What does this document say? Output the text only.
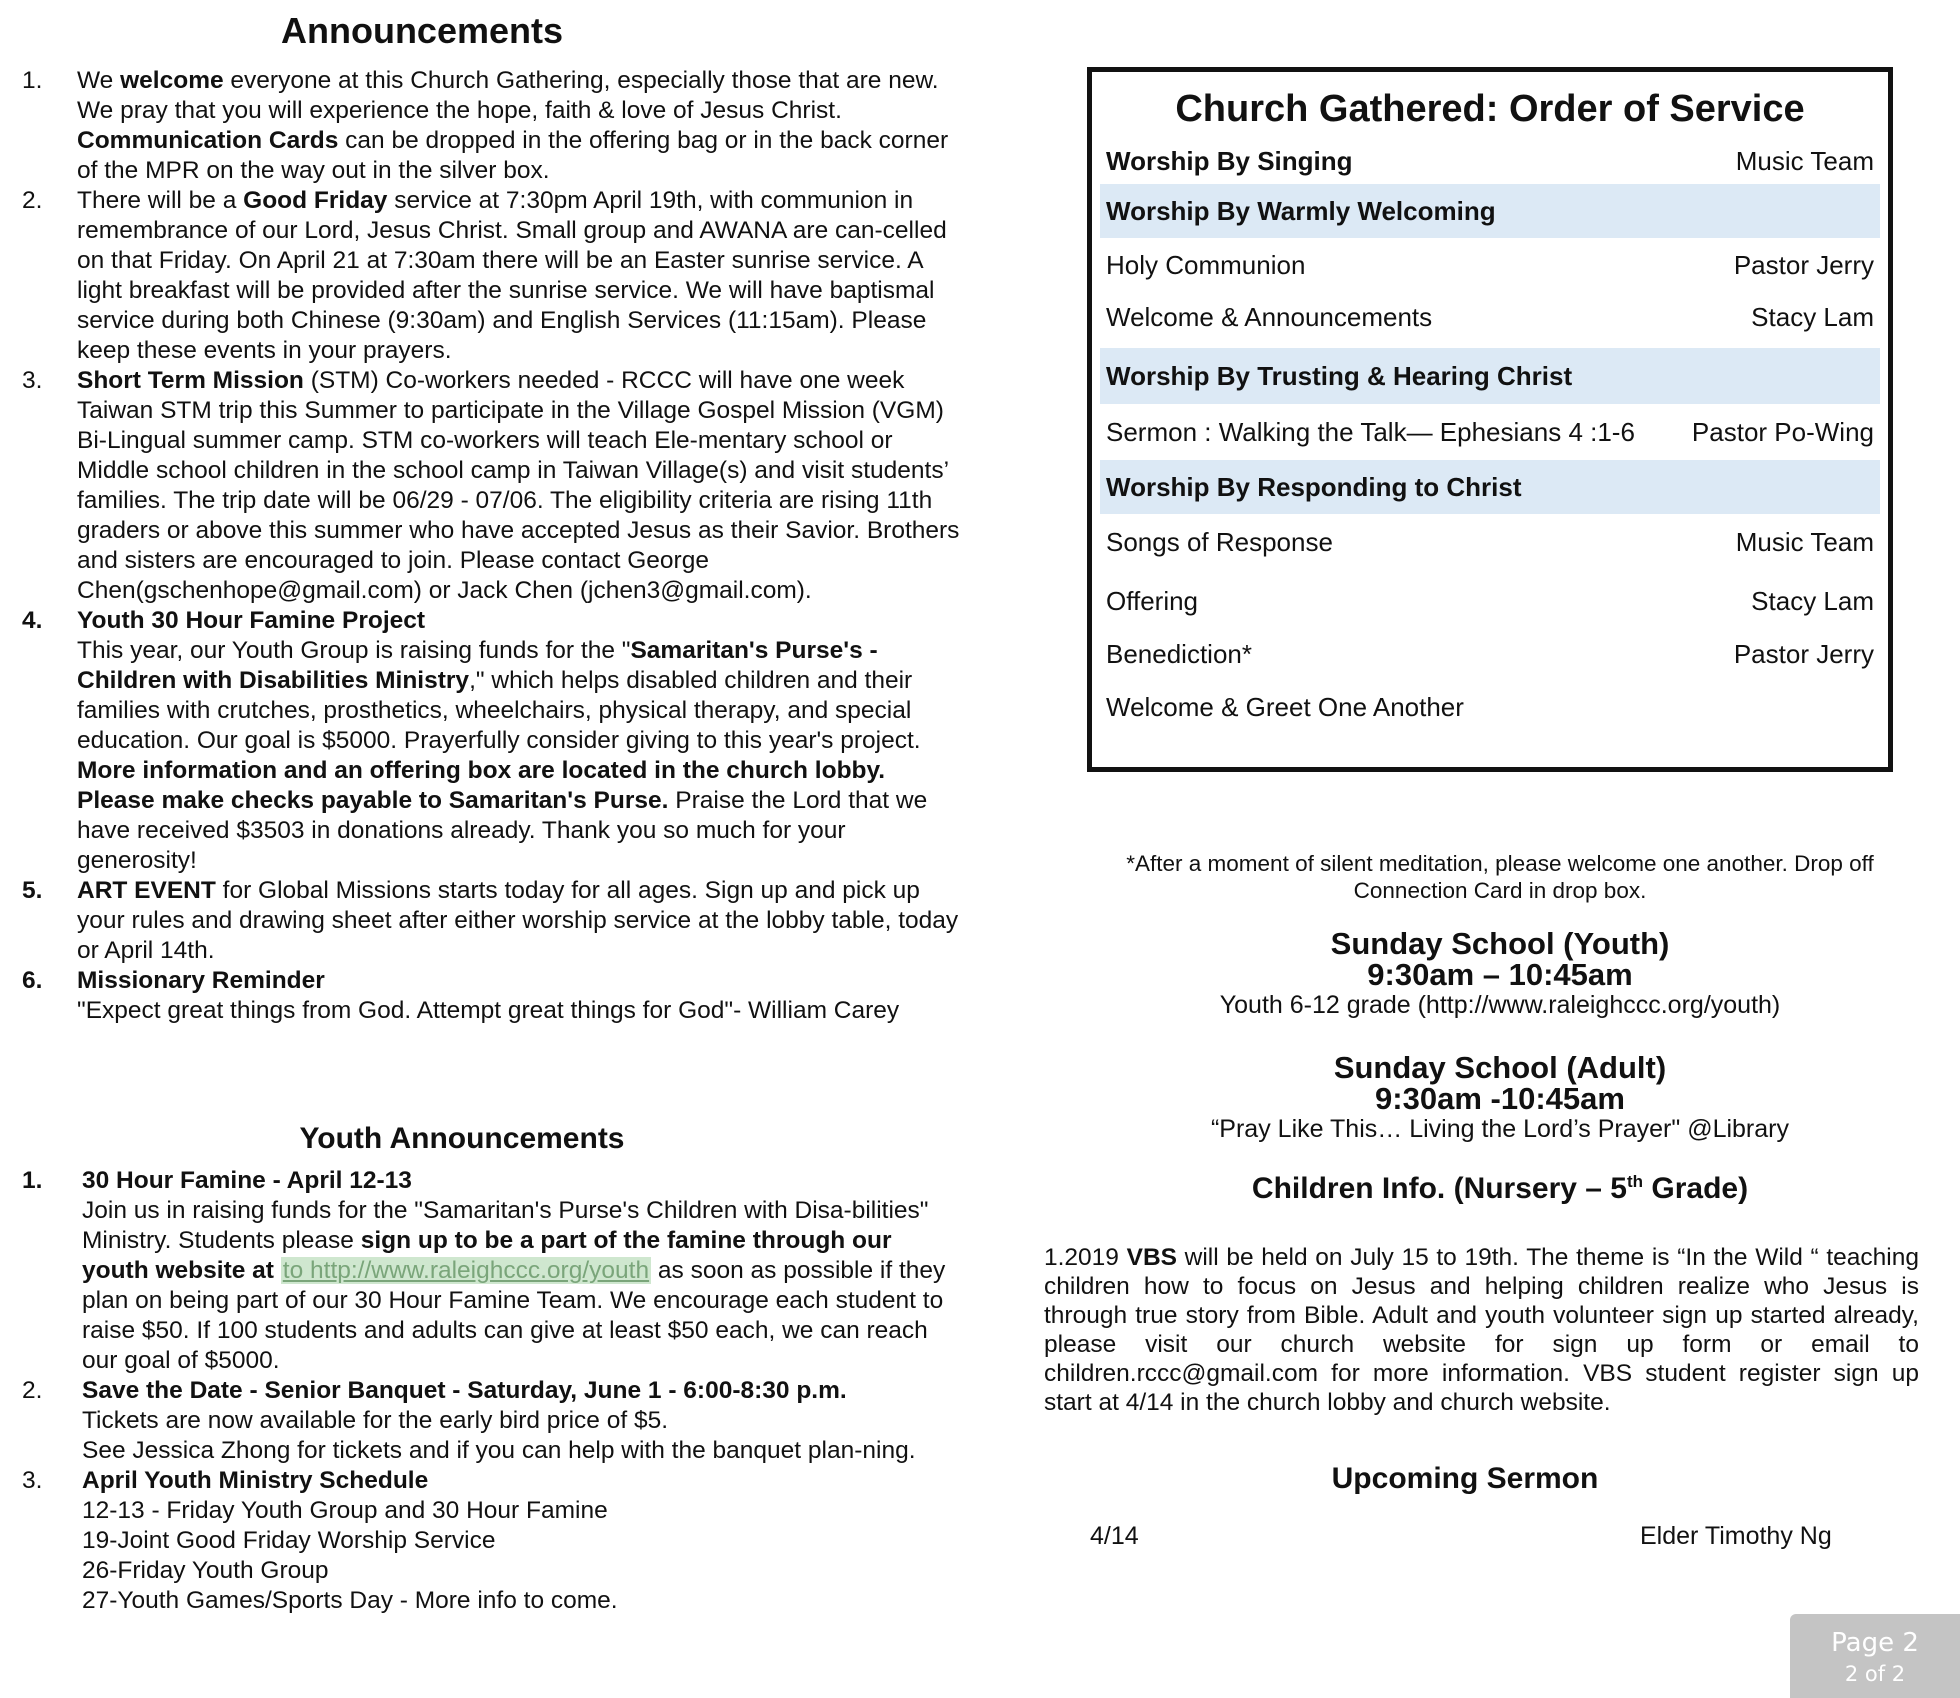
Announcements
1. We welcome everyone at this Church Gathering, especially those that are new. We pray that you will experience the hope, faith & love of Jesus Christ. Communication Cards can be dropped in the offering bag or in the back corner of the MPR on the way out in the silver box.
2. There will be a Good Friday service at 7:30pm April 19th, with communion in remembrance of our Lord, Jesus Christ. Small group and AWANA are can-celled on that Friday. On April 21 at 7:30am there will be an Easter sunrise service. A light breakfast will be provided after the sunrise service. We will have baptismal service during both Chinese (9:30am) and English Services (11:15am). Please keep these events in your prayers.
3. Short Term Mission (STM) Co-workers needed - RCCC will have one week Taiwan STM trip this Summer to participate in the Village Gospel Mission (VGM) Bi-Lingual summer camp. STM co-workers will teach Ele-mentary school or Middle school children in the school camp in Taiwan Village(s) and visit students’ families. The trip date will be 06/29 - 07/06. The eligibility criteria are rising 11th graders or above this summer who have accepted Jesus as their Savior. Brothers and sisters are encouraged to join. Please contact George Chen(gschenhope@gmail.com) or Jack Chen (jchen3@gmail.com).
4. Youth 30 Hour Famine Project
This year, our Youth Group is raising funds for the "Samaritan's Purse's - Children with Disabilities Ministry," which helps disabled children and their families with crutches, prosthetics, wheelchairs, physical therapy, and special education. Our goal is $5000. Prayerfully consider giving to this year's project. More information and an offering box are located in the church lobby. Please make checks payable to Samaritan's Purse. Praise the Lord that we have received $3503 in donations already. Thank you so much for your generosity!
5. ART EVENT for Global Missions starts today for all ages. Sign up and pick up your rules and drawing sheet after either worship service at the lobby table, today or April 14th.
6. Missionary Reminder
"Expect great things from God. Attempt great things for God"- William Carey
Youth Announcements
1. 30 Hour Famine - April 12-13
Join us in raising funds for the "Samaritan's Purse's Children with Disa-bilities" Ministry. Students please sign up to be a part of the famine through our youth website at to http://www.raleighccc.org/youth as soon as possible if they plan on being part of our 30 Hour Famine Team. We encourage each student to raise $50. If 100 students and adults can give at least $50 each, we can reach our goal of $5000.
2. Save the Date - Senior Banquet - Saturday, June 1 - 6:00-8:30 p.m.
Tickets are now available for the early bird price of $5.
See Jessica Zhong for tickets and if you can help with the banquet plan-ning.
3. April Youth Ministry Schedule
12-13 - Friday Youth Group and 30 Hour Famine
19-Joint Good Friday Worship Service
26-Friday Youth Group
27-Youth Games/Sports Day - More info to come.
Church Gathered: Order of Service
Worship By Singing	Music Team
Worship By Warmly Welcoming
Holy Communion	Pastor Jerry
Welcome & Announcements	Stacy Lam
Worship By Trusting & Hearing Christ
Sermon : Walking the Talk— Ephesians 4 :1-6 Pastor Po-Wing
Worship By Responding to Christ
Songs of Response	Music Team
Offering	Stacy Lam
Benediction*	Pastor Jerry
Welcome & Greet One Another
*After a moment of silent meditation, please welcome one another. Drop off Connection Card in drop box.
Sunday School (Youth)
9:30am – 10:45am
Youth 6-12 grade (http://www.raleighccc.org/youth)
Sunday School (Adult)
9:30am -10:45am
“Pray Like This… Living the Lord’s Prayer" @Library
Children Info. (Nursery – 5th Grade)
1.2019 VBS will be held on July 15 to 19th. The theme is “In the Wild “ teaching children how to focus on Jesus and helping children realize who Jesus is through true story from Bible. Adult and youth volunteer sign up started already, please visit our church website for sign up form or email to children.rccc@gmail.com for more information. VBS student register sign up start at 4/14 in the church lobby and church website.
Upcoming Sermon
4/14	Elder Timothy Ng
Page 2
2 of 2
